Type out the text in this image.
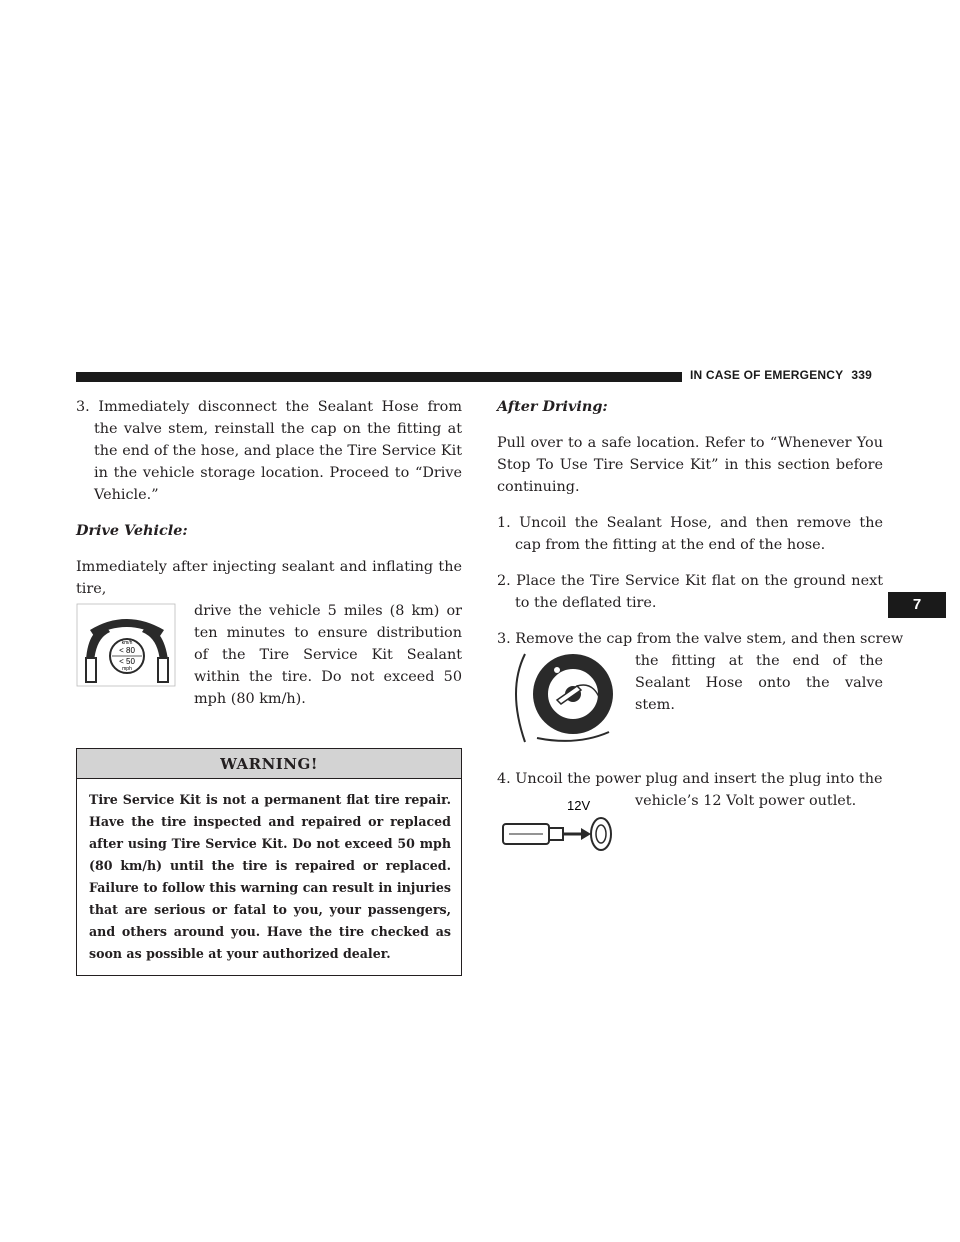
IN CASE OF EMERGENCY 339
7

3. Immediately disconnect the Sealant Hose from the valve stem, reinstall the cap on the fitting at the end of the hose, and place the Tire Service Kit in the vehicle storage location. Proceed to “Drive Vehicle.”

Drive Vehicle:

Immediately after injecting sealant and inflating the tire,

km/h
< 80
< 50
mph

drive the vehicle 5 miles (8 km) or ten minutes to ensure distribution of the Tire Service Kit Sealant within the tire. Do not exceed 50 mph (80 km/h).

WARNING!
Tire Service Kit is not a permanent flat tire repair. Have the tire inspected and repaired or replaced after using Tire Service Kit. Do not exceed 50 mph (80 km/h) until the tire is repaired or replaced. Failure to follow this warning can result in injuries that are serious or fatal to you, your passengers, and others around you. Have the tire checked as soon as possible at your authorized dealer.

After Driving:

Pull over to a safe location. Refer to “Whenever You Stop To Use Tire Service Kit” in this section before continuing.

1. Uncoil the Sealant Hose, and then remove the cap from the fitting at the end of the hose.

2. Place the Tire Service Kit flat on the ground next to the deflated tire.

3. Remove the cap from the valve stem, and then screw

the fitting at the end of the Sealant Hose onto the valve stem.

4. Uncoil the power plug and insert the plug into the

12V	vehicle’s 12 Volt power outlet.
